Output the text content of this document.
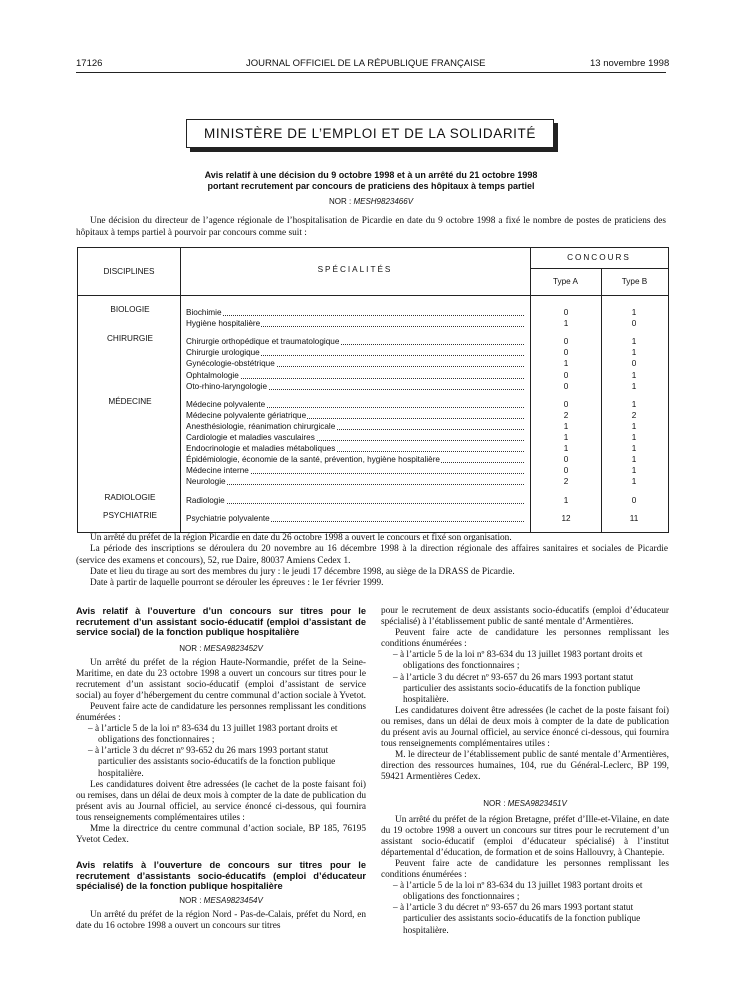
17126	JOURNAL OFFICIEL DE LA RÉPUBLIQUE FRANÇAISE	13 novembre 1998
MINISTÈRE DE L’EMPLOI ET DE LA SOLIDARITÉ
Avis relatif à une décision du 9 octobre 1998 et à un arrêté du 21 octobre 1998
portant recrutement par concours de praticiens des hôpitaux à temps partiel
NOR : MESH9823466V
Une décision du directeur de l’agence régionale de l’hospitalisation de Picardie en date du 9 octobre 1998 a fixé le nombre de postes de praticiens des hôpitaux à temps partiel à pourvoir par concours comme suit :
DISCIPLINES	SPÉCIALITÉS
CONCOURS
Type A	Type B
BIOLOGIE	Biochimie	0	1
Hygiène hospitalière	1	0
CHIRURGIE	Chirurgie orthopédique et traumatologique	0	1
Chirurgie urologique	0	1
Gynécologie-obstétrique	1	0
Ophtalmologie	0	1
Oto-rhino-laryngologie	0	1
MÉDECINE	Médecine polyvalente	0	1
Médecine polyvalente gériatrique	2	2
Anesthésiologie, réanimation chirurgicale	1	1
Cardiologie et maladies vasculaires	1	1
Endocrinologie et maladies métaboliques	1	1
Épidémiologie, économie de la santé, prévention, hygiène hospitalière	0	1
Médecine interne	0	1
Neurologie	2	1
RADIOLOGIE	Radiologie	1	0
PSYCHIATRIE	Psychiatrie polyvalente	12	11

Un arrêté du préfet de la région Picardie en date du 26 octobre 1998 a ouvert le concours et fixé son organisation.

La période des inscriptions se déroulera du 20 novembre au 16 décembre 1998 à la direction régionale des affaires sanitaires et sociales de Picardie (service des examens et concours), 52, rue Daire, 80037 Amiens Cedex 1.

Date et lieu du tirage au sort des membres du jury : le jeudi 17 décembre 1998, au siège de la DRASS de Picardie.

Date à partir de laquelle pourront se dérouler les épreuves : le 1er février 1999.

Avis relatif à l’ouverture d’un concours sur titres pour le recrutement d’un assistant socio-éducatif (emploi d’assistant de service social) de la fonction publique hospitalière

NOR : MESA9823452V

Un arrêté du préfet de la région Haute-Normandie, préfet de la Seine-Maritime, en date du 23 octobre 1998 a ouvert un concours sur titres pour le recrutement d’un assistant socio-éducatif (emploi d’assistant de service social) au foyer d’hébergement du centre communal d’action sociale à Yvetot.

Peuvent faire acte de candidature les personnes remplissant les conditions énumérées :

– à l’article 5 de la loi nº 83-634 du 13 juillet 1983 portant droits et obligations des fonctionnaires ;

– à l’article 3 du décret nº 93-652 du 26 mars 1993 portant statut particulier des assistants socio-éducatifs de la fonction publique hospitalière.

Les candidatures doivent être adressées (le cachet de la poste faisant foi) ou remises, dans un délai de deux mois à compter de la date de publication du présent avis au Journal officiel, au service énoncé ci-dessous, qui fournira tous renseignements complémentaires utiles :

Mme la directrice du centre communal d’action sociale, BP 185, 76195 Yvetot Cedex.

Avis relatifs à l’ouverture de concours sur titres pour le recrutement d’assistants socio-éducatifs (emploi d’éducateur spécialisé) de la fonction publique hospitalière

NOR : MESA9823454V

Un arrêté du préfet de la région Nord - Pas-de-Calais, préfet du Nord, en date du 16 octobre 1998 a ouvert un concours sur titres

pour le recrutement de deux assistants socio-éducatifs (emploi d’éducateur spécialisé) à l’établissement public de santé mentale d’Armentières.

Peuvent faire acte de candidature les personnes remplissant les conditions énumérées :

– à l’article 5 de la loi nº 83-634 du 13 juillet 1983 portant droits et obligations des fonctionnaires ;

– à l’article 3 du décret nº 93-657 du 26 mars 1993 portant statut particulier des assistants socio-éducatifs de la fonction publique hospitalière.

Les candidatures doivent être adressées (le cachet de la poste faisant foi) ou remises, dans un délai de deux mois à compter de la date de publication du présent avis au Journal officiel, au service énoncé ci-dessous, qui fournira tous renseignements complémentaires utiles :

M. le directeur de l’établissement public de santé mentale d’Armentières, direction des ressources humaines, 104, rue du Général-Leclerc, BP 199, 59421 Armentières Cedex.

NOR : MESA9823451V

Un arrêté du préfet de la région Bretagne, préfet d’Ille-et-Vilaine, en date du 19 octobre 1998 a ouvert un concours sur titres pour le recrutement d’un assistant socio-éducatif (emploi d’éducateur spécialisé) à l’institut départemental d’éducation, de formation et de soins Hallouvry, à Chantepie.

Peuvent faire acte de candidature les personnes remplissant les conditions énumérées :

– à l’article 5 de la loi nº 83-634 du 13 juillet 1983 portant droits et obligations des fonctionnaires ;

– à l’article 3 du décret nº 93-657 du 26 mars 1993 portant statut particulier des assistants socio-éducatifs de la fonction publique hospitalière.
